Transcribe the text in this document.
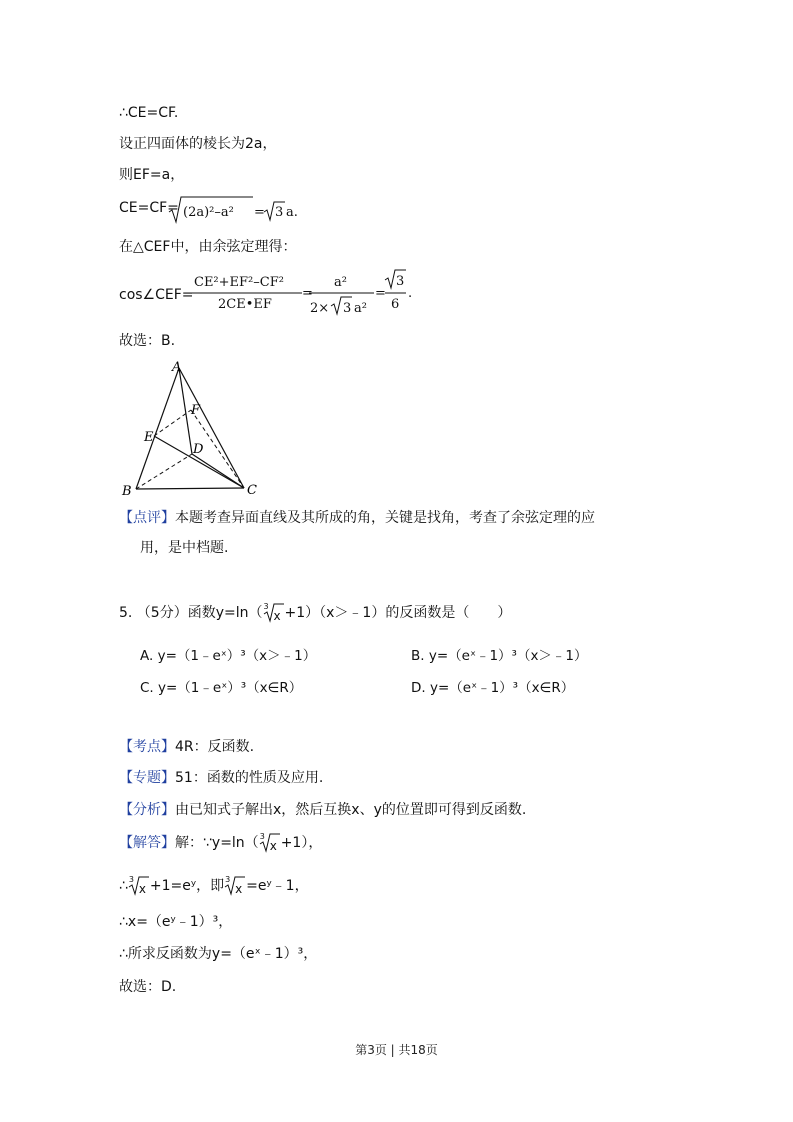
∴CE=CF.
设正四面体的棱长为2a，
则EF=a，
CE=CF= (2a)²–a² = 3 a.
在△CEF中，由余弦定理得：
cos∠CEF=
CE²+EF²–CF²
2CE•EF
=
a²
2× 3 a²
=
3
6
.
故选：B.
A
B	C
D
E
F
【点评】本题考查异面直线及其所成的角，关键是找角，考查了余弦定理的应
用，是中档题.
5. （5分）函数y=ln（ 3
x +1）（x＞﹣1）的反函数是（　　）
A. y=（1﹣eˣ）³（x＞﹣1）	B. y=（eˣ﹣1）³（x＞﹣1）
C. y=（1﹣eˣ）³（x∈R）	D. y=（eˣ﹣1）³（x∈R）
【考点】4R：反函数.
【专题】51：函数的性质及应用.
【分析】由已知式子解出x，然后互换x、y的位置即可得到反函数.
【解答】解：∵y=ln（ 3
x +1），
∴ 3
x +1=eʸ，即 3
x =eʸ﹣1，
∴x=（eʸ﹣1）³，
∴所求反函数为y=（eˣ﹣1）³，
故选：D.
第3页 | 共18页
